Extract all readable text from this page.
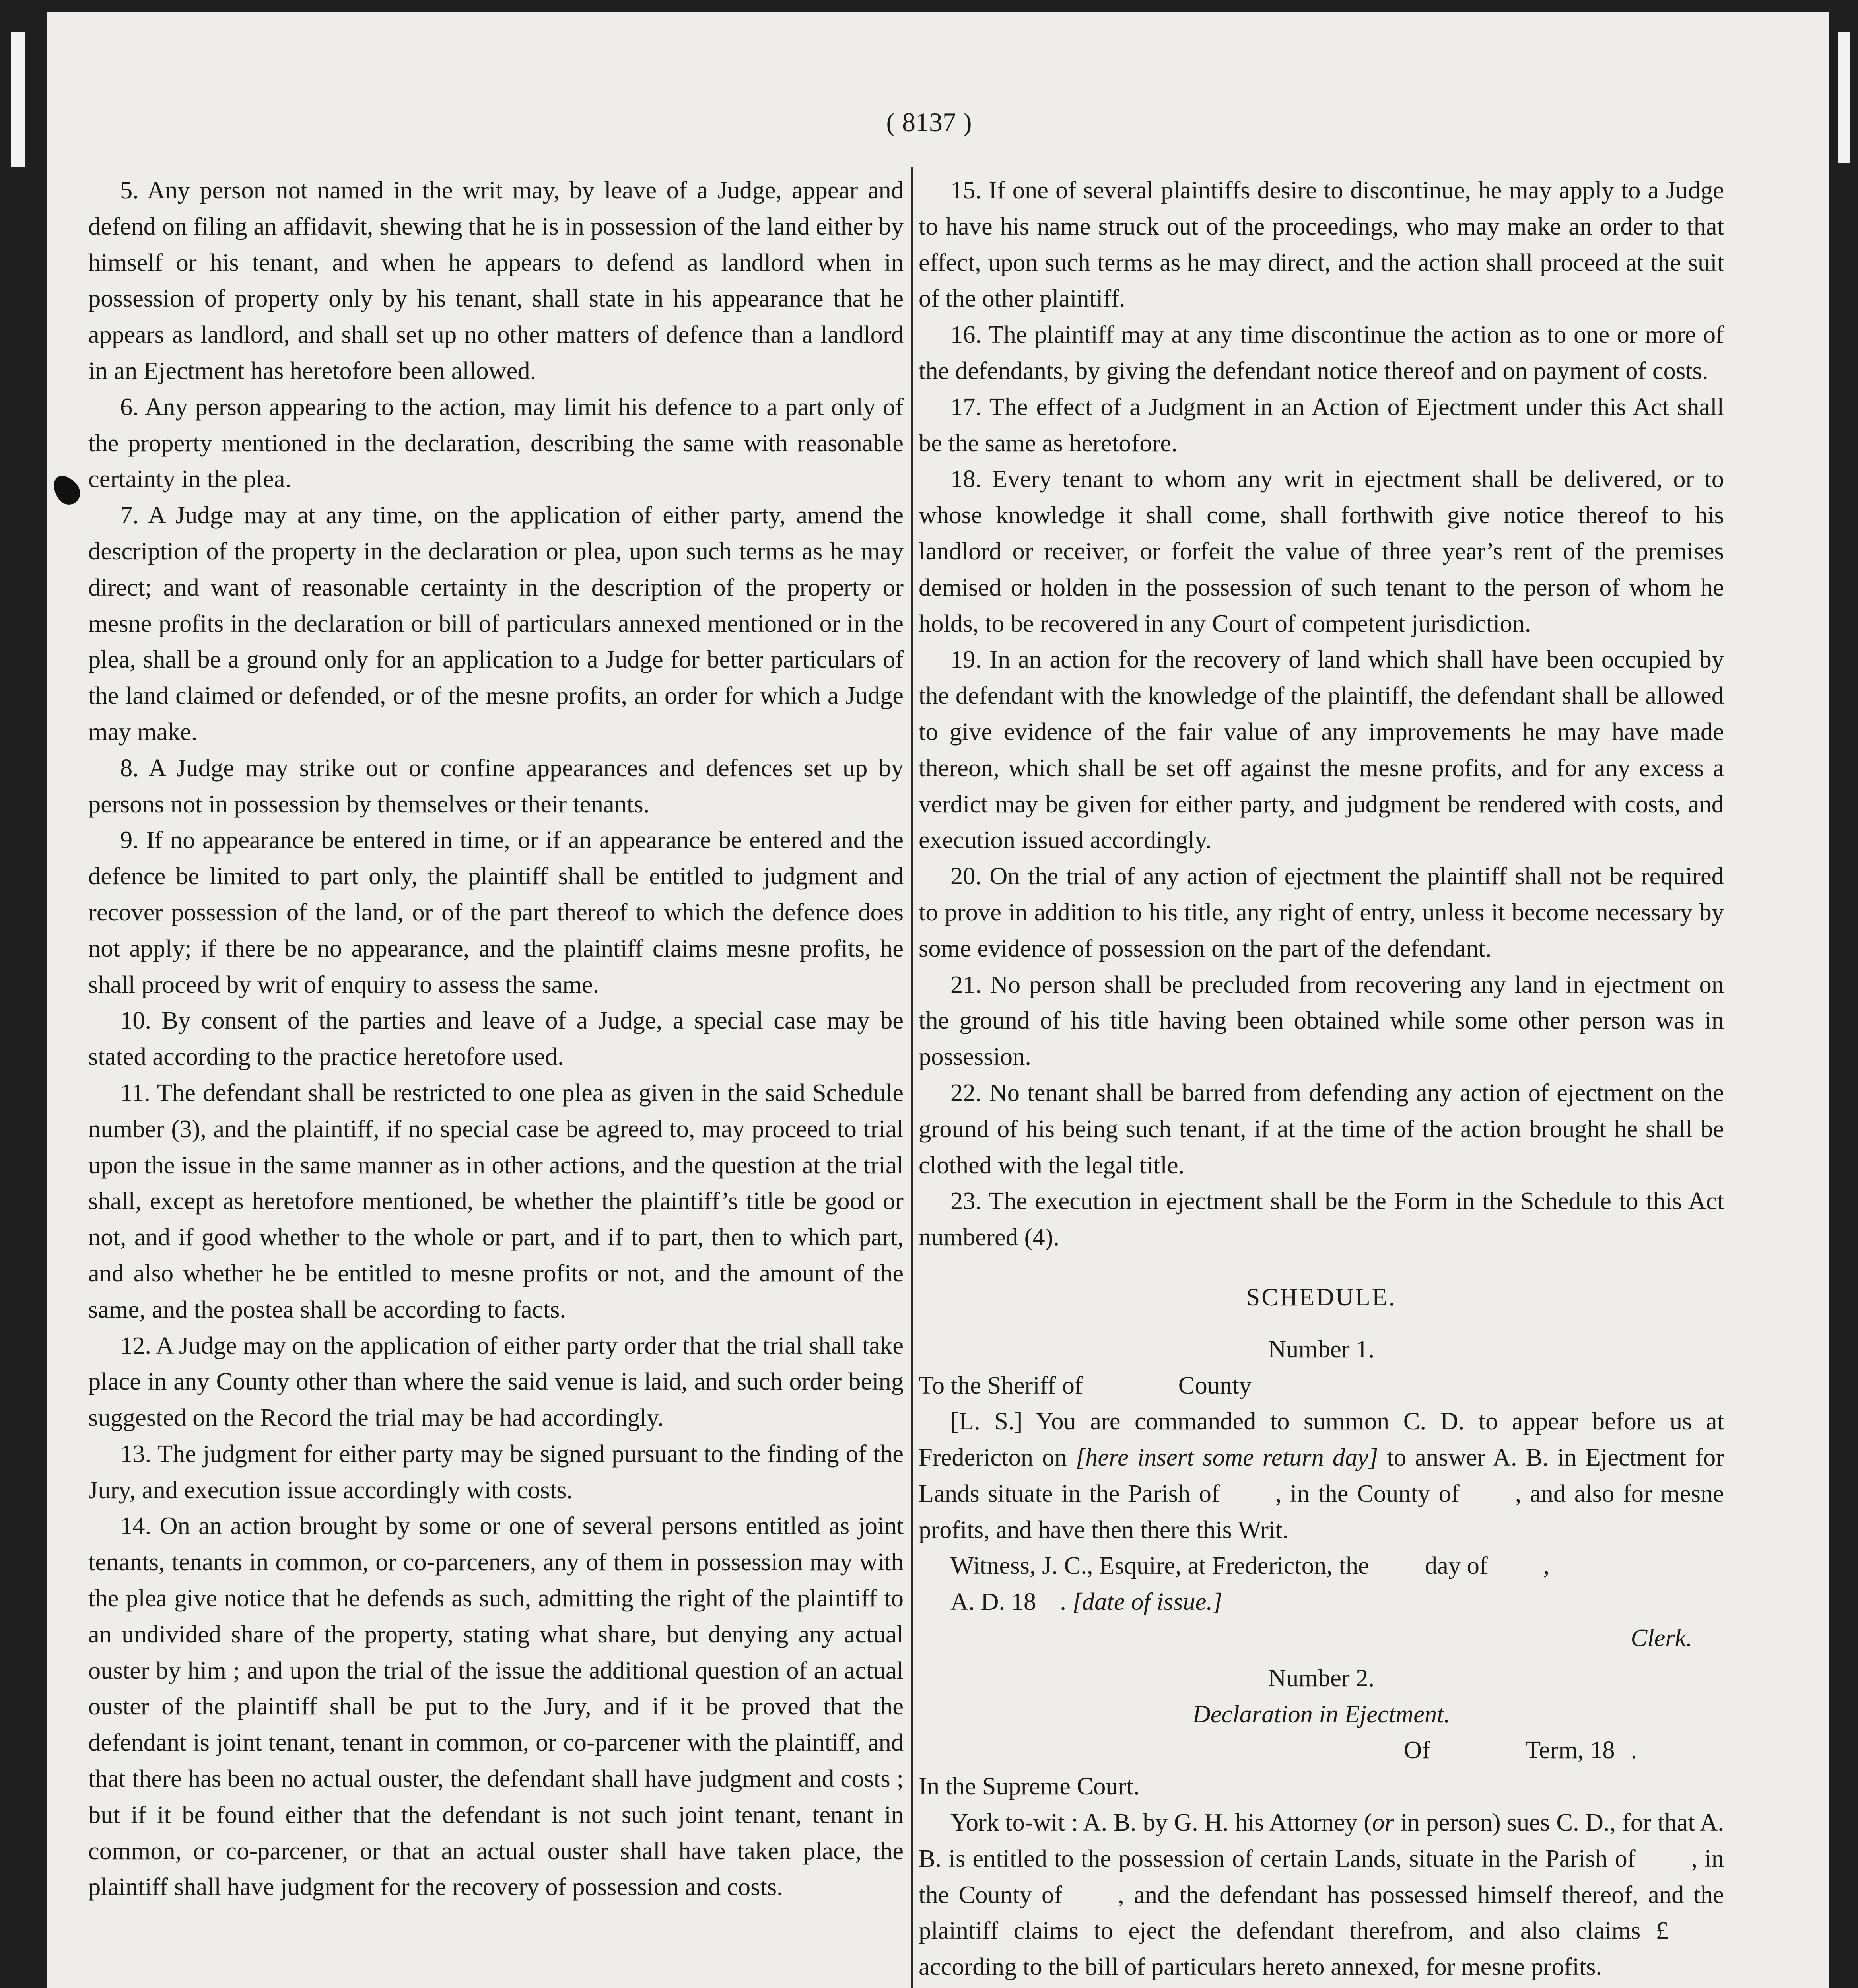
( 8137 )

5. Any person not named in the writ may, by leave of a Judge, appear and defend on filing an affidavit, shewing that he is in possession of the land either by himself or his tenant, and when he appears to defend as landlord when in possession of property only by his tenant, shall state in his appearance that he appears as landlord, and shall set up no other matters of defence than a landlord in an Ejectment has heretofore been allowed.

6. Any person appearing to the action, may limit his defence to a part only of the property mentioned in the declaration, describing the same with reasonable certainty in the plea.

7. A Judge may at any time, on the application of either party, amend the description of the property in the declaration or plea, upon such terms as he may direct; and want of reasonable certainty in the description of the property or mesne profits in the declaration or bill of particulars annexed mentioned or in the plea, shall be a ground only for an application to a Judge for better particulars of the land claimed or defended, or of the mesne profits, an order for which a Judge may make.

8. A Judge may strike out or confine appearances and defences set up by persons not in possession by themselves or their tenants.

9. If no appearance be entered in time, or if an appearance be entered and the defence be limited to part only, the plaintiff shall be entitled to judgment and recover possession of the land, or of the part thereof to which the defence does not apply; if there be no appearance, and the plaintiff claims mesne profits, he shall proceed by writ of enquiry to assess the same.

10. By consent of the parties and leave of a Judge, a special case may be stated according to the practice heretofore used.

11. The defendant shall be restricted to one plea as given in the said Schedule number (3), and the plaintiff, if no special case be agreed to, may proceed to trial upon the issue in the same manner as in other actions, and the question at the trial shall, except as heretofore mentioned, be whether the plaintiff’s title be good or not, and if good whether to the whole or part, and if to part, then to which part, and also whether he be entitled to mesne profits or not, and the amount of the same, and the postea shall be according to facts.

12. A Judge may on the application of either party order that the trial shall take place in any County other than where the said venue is laid, and such order being suggested on the Record the trial may be had accordingly.

13. The judgment for either party may be signed pursuant to the finding of the Jury, and execution issue accordingly with costs.

14. On an action brought by some or one of several persons entitled as joint tenants, tenants in common, or co-parceners, any of them in possession may with the plea give notice that he defends as such, admitting the right of the plaintiff to an undivided share of the property, stating what share, but denying any actual ouster by him ; and upon the trial of the issue the additional question of an actual ouster of the plaintiff shall be put to the Jury, and if it be proved that the defendant is joint tenant, tenant in common, or co-parcener with the plaintiff, and that there has been no actual ouster, the defendant shall have judgment and costs ; but if it be found either that the defendant is not such joint tenant, tenant in common, or co-parcener, or that an actual ouster shall have taken place, the plaintiff shall have judgment for the recovery of possession and costs.

15. If one of several plaintiffs desire to discontinue, he may apply to a Judge to have his name struck out of the proceedings, who may make an order to that effect, upon such terms as he may direct, and the action shall proceed at the suit of the other plaintiff.

16. The plaintiff may at any time discontinue the action as to one or more of the defendants, by giving the defendant notice thereof and on payment of costs.

17. The effect of a Judgment in an Action of Ejectment under this Act shall be the same as heretofore.

18. Every tenant to whom any writ in ejectment shall be delivered, or to whose knowledge it shall come, shall forthwith give notice thereof to his landlord or receiver, or forfeit the value of three year’s rent of the premises demised or holden in the possession of such tenant to the person of whom he holds, to be recovered in any Court of competent jurisdiction.

19. In an action for the recovery of land which shall have been occupied by the defendant with the knowledge of the plaintiff, the defendant shall be allowed to give evidence of the fair value of any improvements he may have made thereon, which shall be set off against the mesne profits, and for any excess a verdict may be given for either party, and judgment be rendered with costs, and execution issued accordingly.

20. On the trial of any action of ejectment the plaintiff shall not be required to prove in addition to his title, any right of entry, unless it become necessary by some evidence of possession on the part of the defendant.

21. No person shall be precluded from recovering any land in ejectment on the ground of his title having been obtained while some other person was in possession.

22. No tenant shall be barred from defending any action of ejectment on the ground of his being such tenant, if at the time of the action brought he shall be clothed with the legal title.

23. The execution in ejectment shall be the Form in the Schedule to this Act numbered (4).

SCHEDULE.

Number 1.

To the Sheriff of	County

[L. S.] You are commanded to summon C. D. to appear before us at Fredericton on [here insert some return day] to answer A. B. in Ejectment for Lands situate in the Parish of , in the County of , and also for mesne profits, and have then there this Writ.

Witness, J. C., Esquire, at Fredericton, the day of ,

A. D. 18 . [date of issue.]

Clerk.

Number 2.

Declaration in Ejectment.

Of	Term, 18 .

In the Supreme Court.

York to-wit : A. B. by G. H. his Attorney (or in person) sues C. D., for that A. B. is entitled to the possession of certain Lands, situate in the Parish of , in the County of , and the defendant has possessed himself thereof, and the plaintiff claims to eject the defendant therefrom, and also claims £according to the bill of particulars hereto annexed, for mesne profits.
